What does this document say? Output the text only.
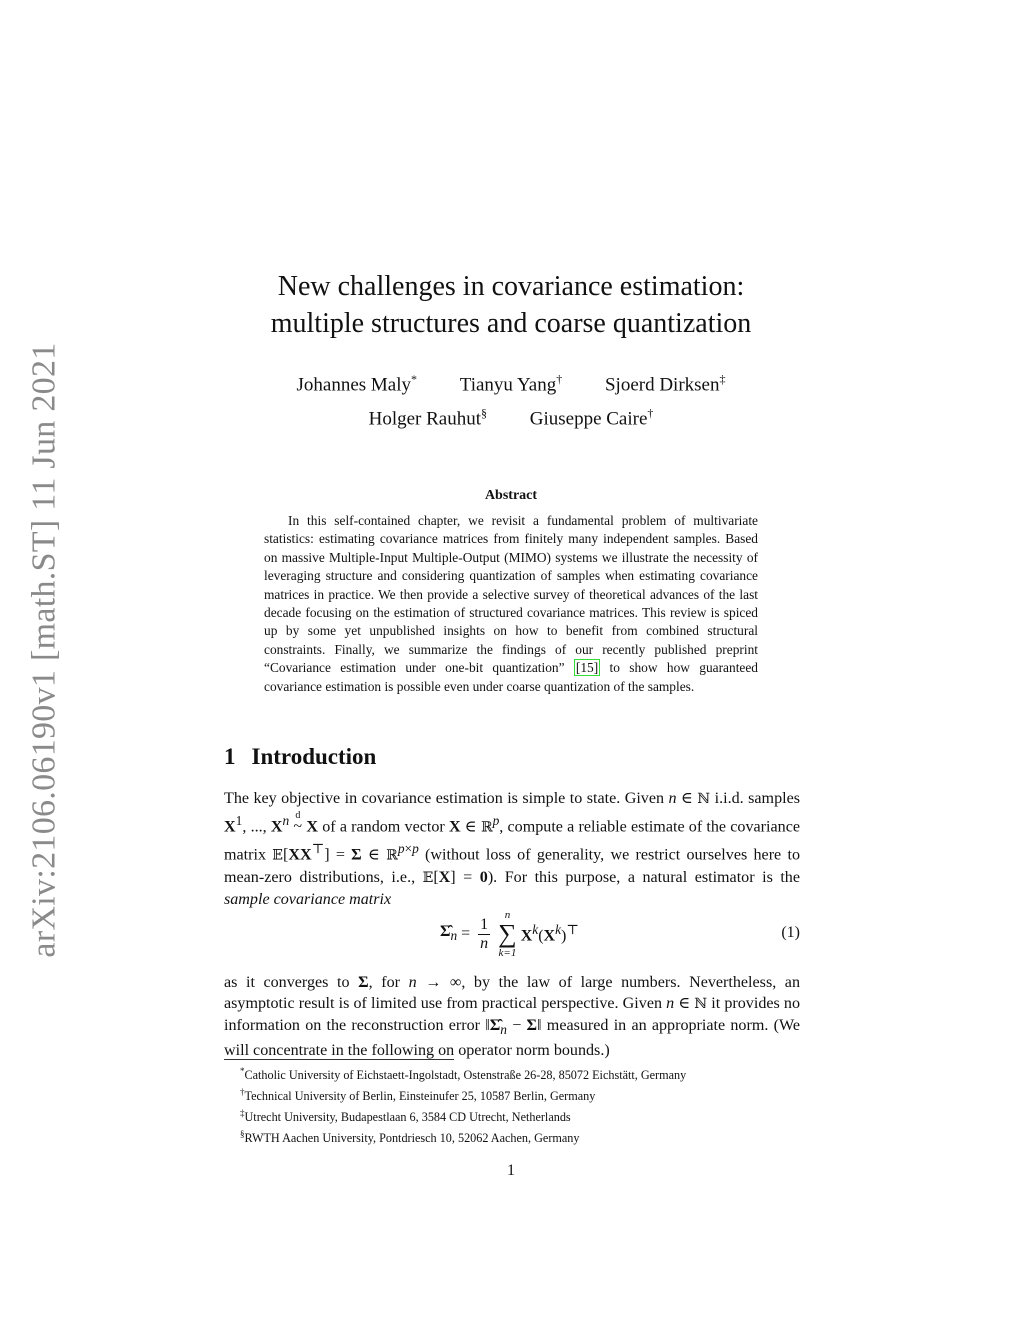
arXiv:2106.06190v1 [math.ST] 11 Jun 2021
New challenges in covariance estimation:
multiple structures and coarse quantization
Johannes Maly* Tianyu Yang† Sjoerd Dirksen‡
Holger Rauhut§ Giuseppe Caire†
Abstract
In this self-contained chapter, we revisit a fundamental problem of multivariate statistics: estimating covariance matrices from finitely many independent samples. Based on massive Multiple-Input Multiple-Output (MIMO) systems we illustrate the necessity of leveraging structure and considering quantization of samples when estimating covariance matrices in practice. We then provide a selective survey of theoretical advances of the last decade focusing on the estimation of structured covariance matrices. This review is spiced up by some yet unpublished insights on how to benefit from combined structural constraints. Finally, we summarize the findings of our recently published preprint “Covariance estimation under one-bit quantization” [15] to show how guaranteed covariance estimation is possible even under coarse quantization of the samples.
1 Introduction
The key objective in covariance estimation is simple to state. Given n ∈ ℕ i.i.d. samples $X^1$, ..., $X^n$ ~
d
X of a random vector X ∈ ℝ$^p$, compute a reliable estimate of the covariance matrix 𝔼[XX⊤] = Σ ∈ ℝ$^{p\times p}$ (without loss of generality, we restrict ourselves here to mean-zero distributions, i.e., 𝔼[X] = 0). For this purpose, a natural estimator is the sample covariance matrix
$\Sigmâ_n = \frac{1}{n}$
n
∑
k=1
$X^k(X^k)^⊤$	(1)
as it converges to Σ, for n → ∞, by the law of large numbers. Nevertheless, an asymptotic result is of limited use from practical perspective. Given n ∈ ℕ it provides no information on the reconstruction error $‖\Sigmâ_n$ − Σ‖ measured in an appropriate norm. (We will concentrate in the following on operator norm bounds.)
*Catholic University of Eichstaett-Ingolstadt, Ostenstraße 26-28, 85072 Eichstätt, Germany
†Technical University of Berlin, Einsteinufer 25, 10587 Berlin, Germany
‡Utrecht University, Budapestlaan 6, 3584 CD Utrecht, Netherlands
§RWTH Aachen University, Pontdriesch 10, 52062 Aachen, Germany
1
